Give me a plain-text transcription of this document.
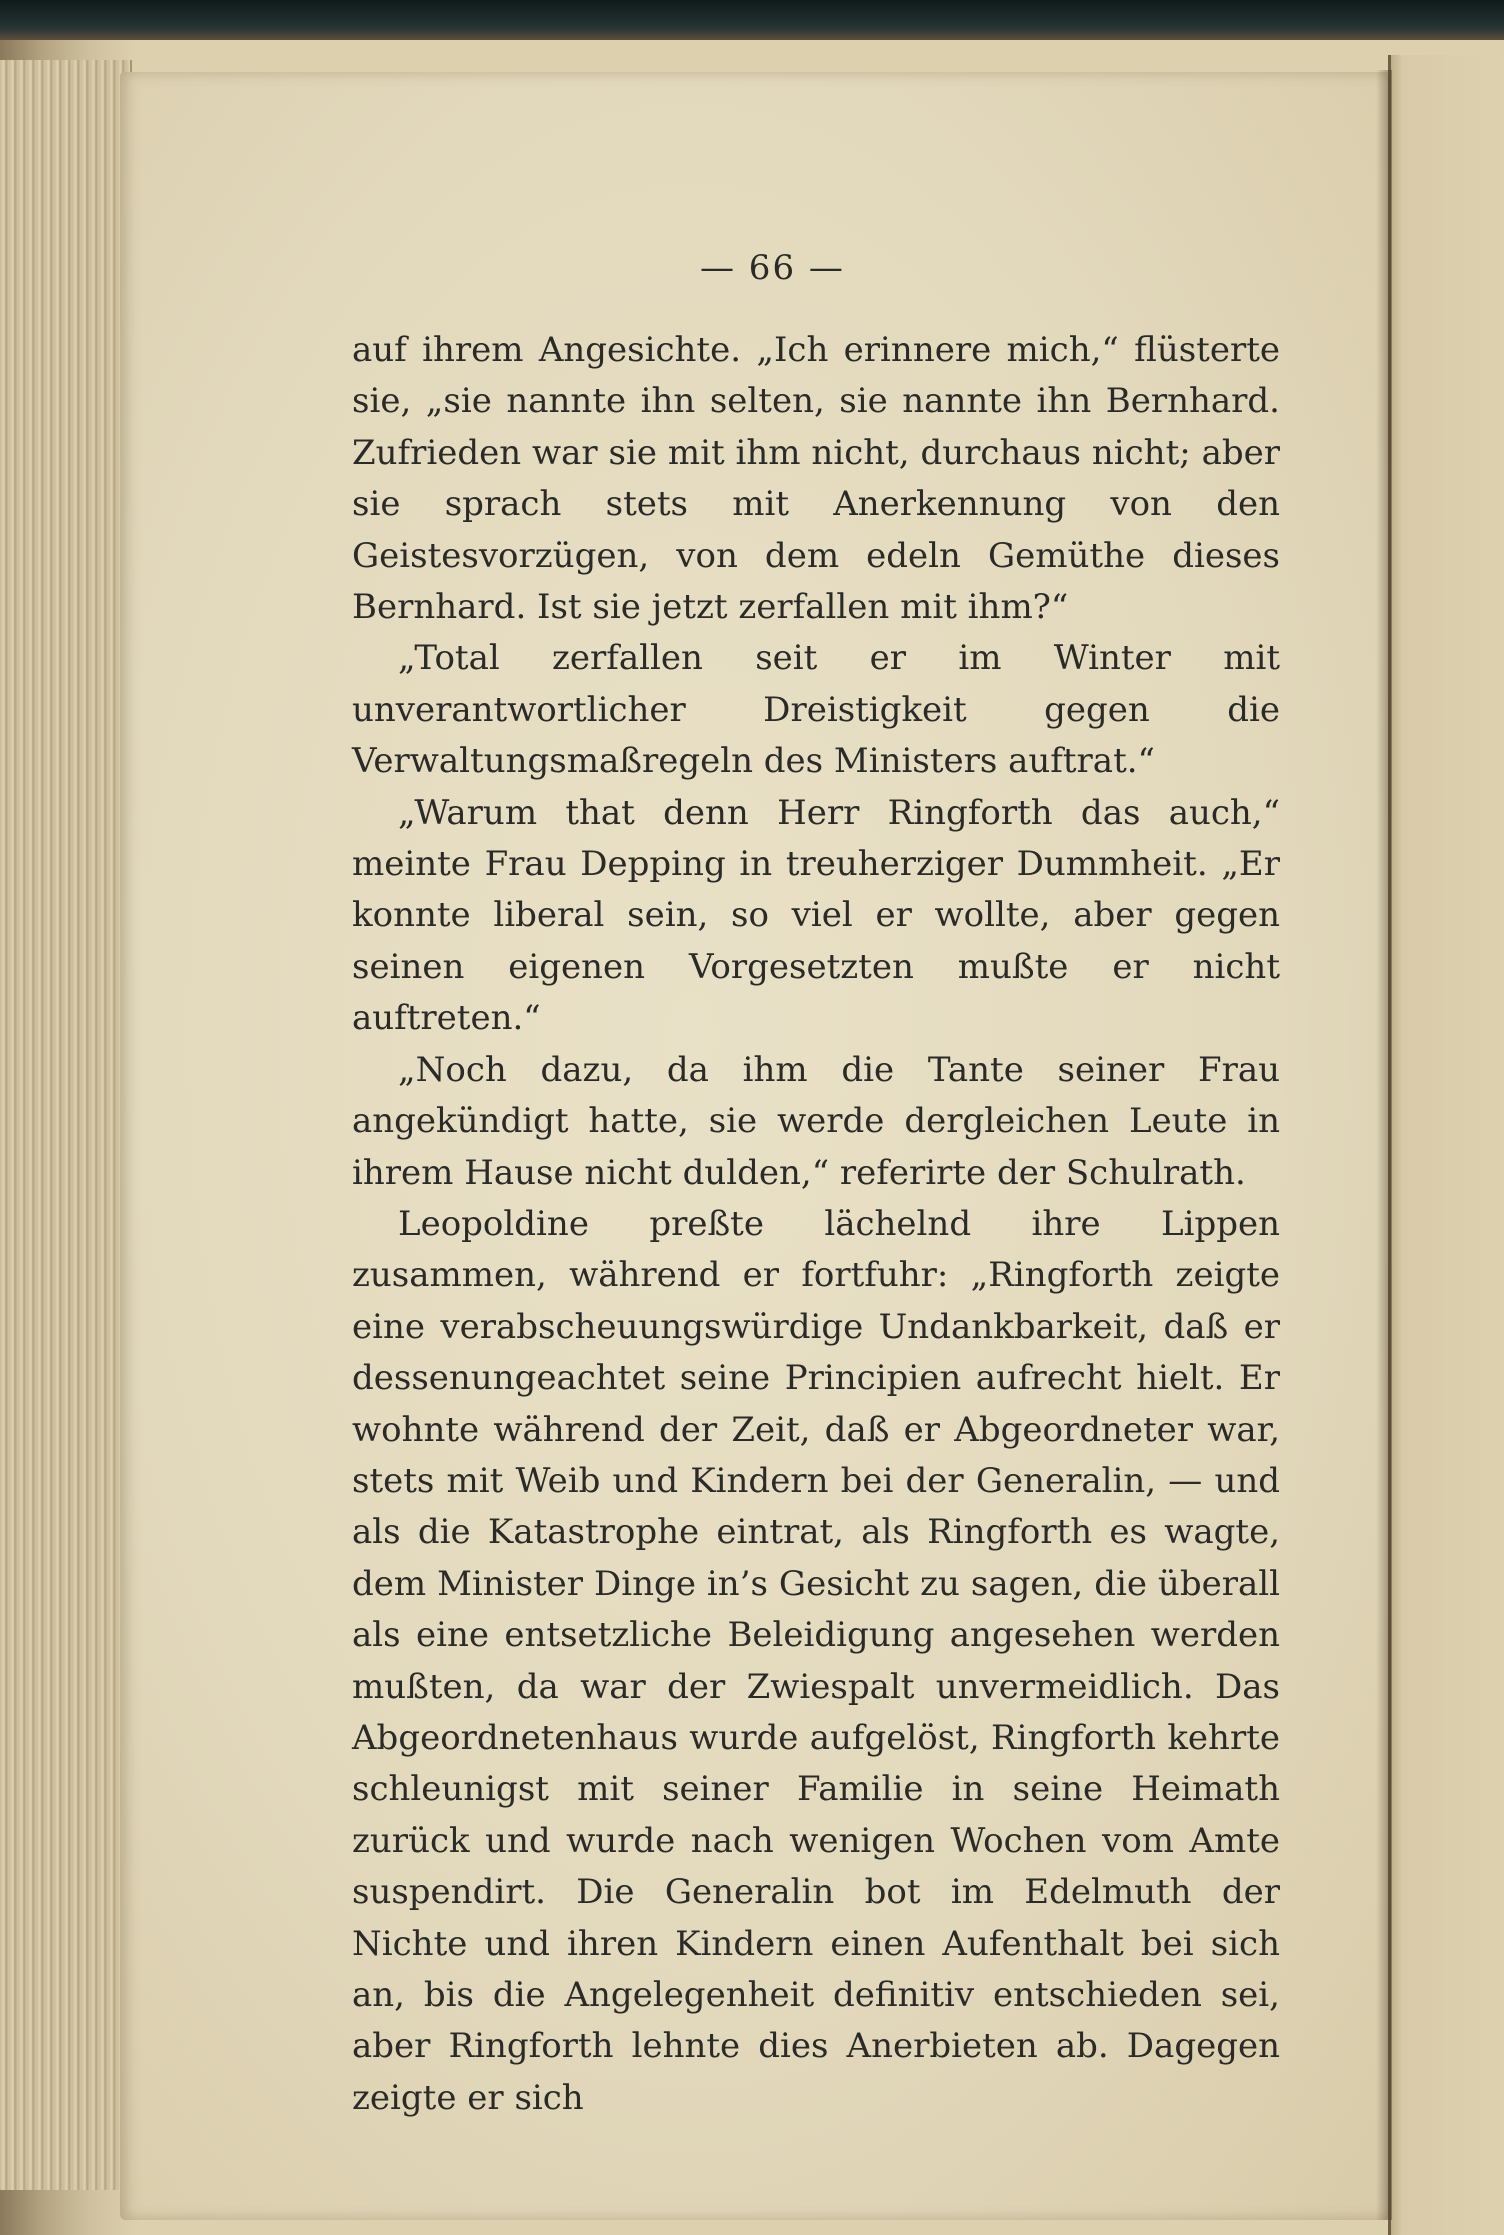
— 66 —

auf ihrem Angesichte. „Ich erinnere mich,“ flüsterte sie, „sie nannte ihn selten, sie nannte ihn Bernhard. Zufrieden war sie mit ihm nicht, durchaus nicht; aber sie sprach stets mit Anerkennung von den Geistesvorzügen, von dem edeln Gemüthe dieses Bernhard. Ist sie jetzt zerfallen mit ihm?“

„Total zerfallen seit er im Winter mit unverantwortlicher Dreistigkeit gegen die Verwaltungsmaßregeln des Ministers auftrat.“

„Warum that denn Herr Ringforth das auch,“ meinte Frau Depping in treuherziger Dummheit. „Er konnte liberal sein, so viel er wollte, aber gegen seinen eigenen Vorgesetzten mußte er nicht auftreten.“

„Noch dazu, da ihm die Tante seiner Frau angekündigt hatte, sie werde dergleichen Leute in ihrem Hause nicht dulden,“ referirte der Schulrath.

Leopoldine preßte lächelnd ihre Lippen zusammen, während er fortfuhr: „Ringforth zeigte eine verabscheuungswürdige Undankbarkeit, daß er dessenungeachtet seine Principien aufrecht hielt. Er wohnte während der Zeit, daß er Abgeordneter war, stets mit Weib und Kindern bei der Generalin, — und als die Katastrophe eintrat, als Ringforth es wagte, dem Minister Dinge in’s Gesicht zu sagen, die überall als eine entsetzliche Beleidigung angesehen werden mußten, da war der Zwiespalt unvermeidlich. Das Abgeordnetenhaus wurde aufgelöst, Ringforth kehrte schleunigst mit seiner Familie in seine Heimath zurück und wurde nach wenigen Wochen vom Amte suspendirt. Die Generalin bot im Edelmuth der Nichte und ihren Kindern einen Aufenthalt bei sich an, bis die Angelegenheit definitiv entschieden sei, aber Ringforth lehnte dies Anerbieten ab. Dagegen zeigte er sich
